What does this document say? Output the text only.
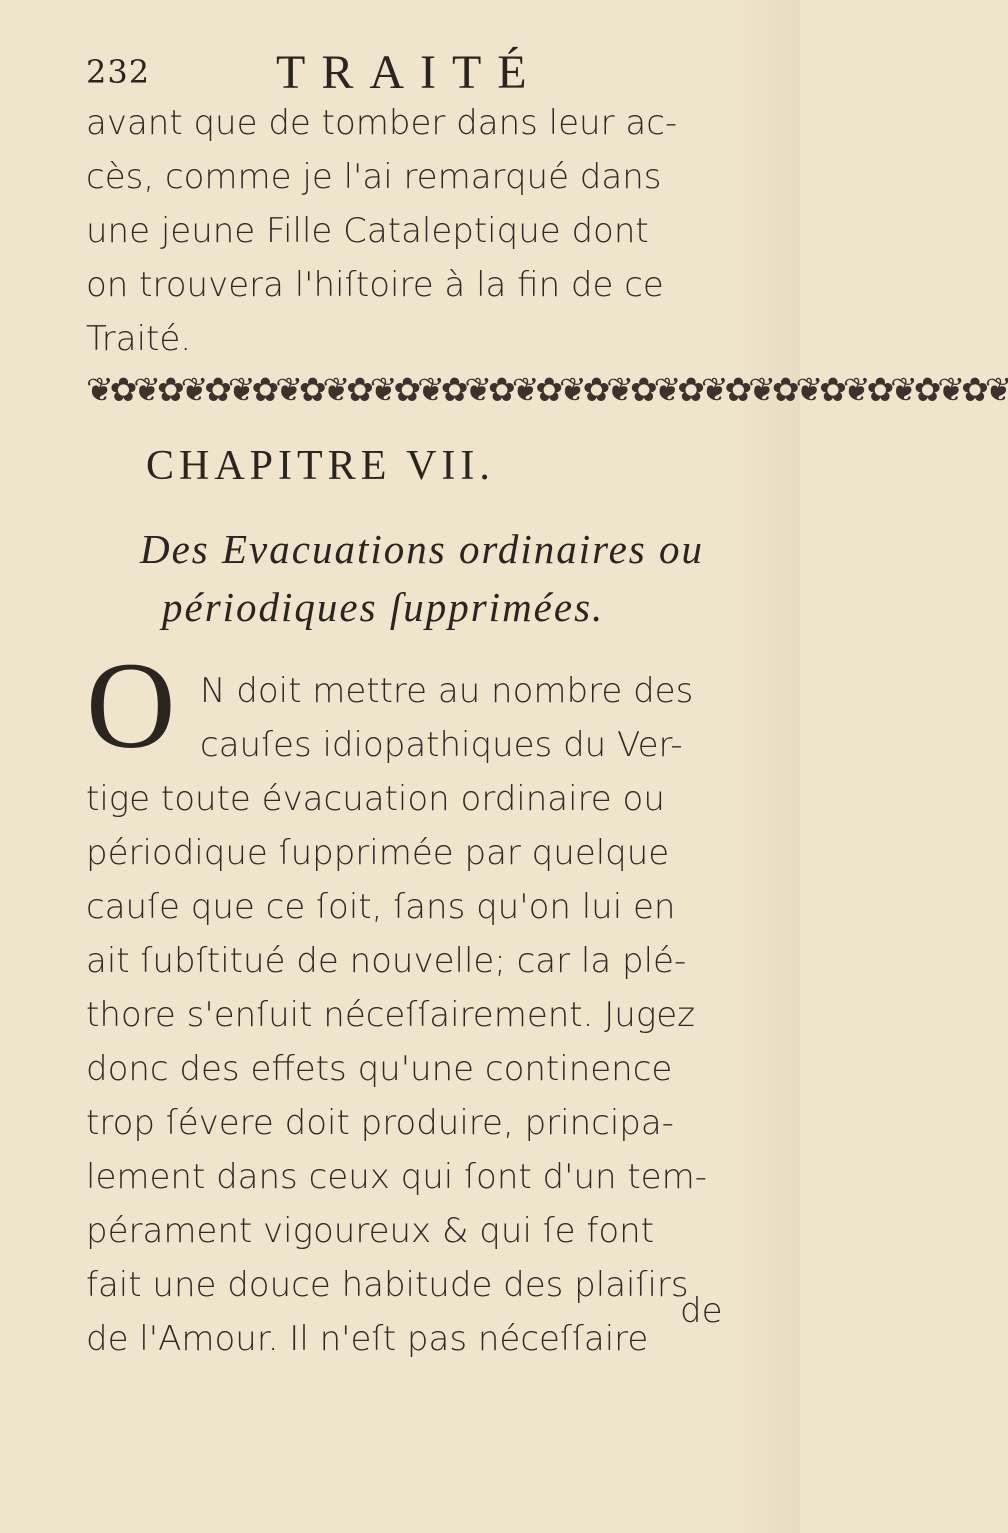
232	TRAITÉ
avant que de tomber dans leur ac-
cès, comme je l'ai remarqué dans
une jeune Fille Cataleptique dont
on trouvera l'hiſtoire à la fin de ce
Traité.
❦✿❦✿❦✿❦✿❦✿❦✿❦✿❦✿❦✿❦✿❦✿❦✿❦✿❦✿❦✿❦✿❦✿❦✿❦✿❦
CHAPITRE VII.
Des Evacuations ordinaires ou
périodiques ſupprimées.
O N doit mettre au nombre des
cauſes idiopathiques du Ver-
tige toute évacuation ordinaire ou
périodique ſupprimée par quelque
cauſe que ce ſoit, ſans qu'on lui en
ait ſubſtitué de nouvelle; car la plé-
thore s'enſuit néceſſairement. Jugez
donc des effets qu'une continence
trop ſévere doit produire, principa-
lement dans ceux qui ſont d'un tem-
pérament vigoureux & qui ſe font
fait une douce habitude des plaiſirs
de l'Amour. Il n'eſt pas néceſſaire
de
